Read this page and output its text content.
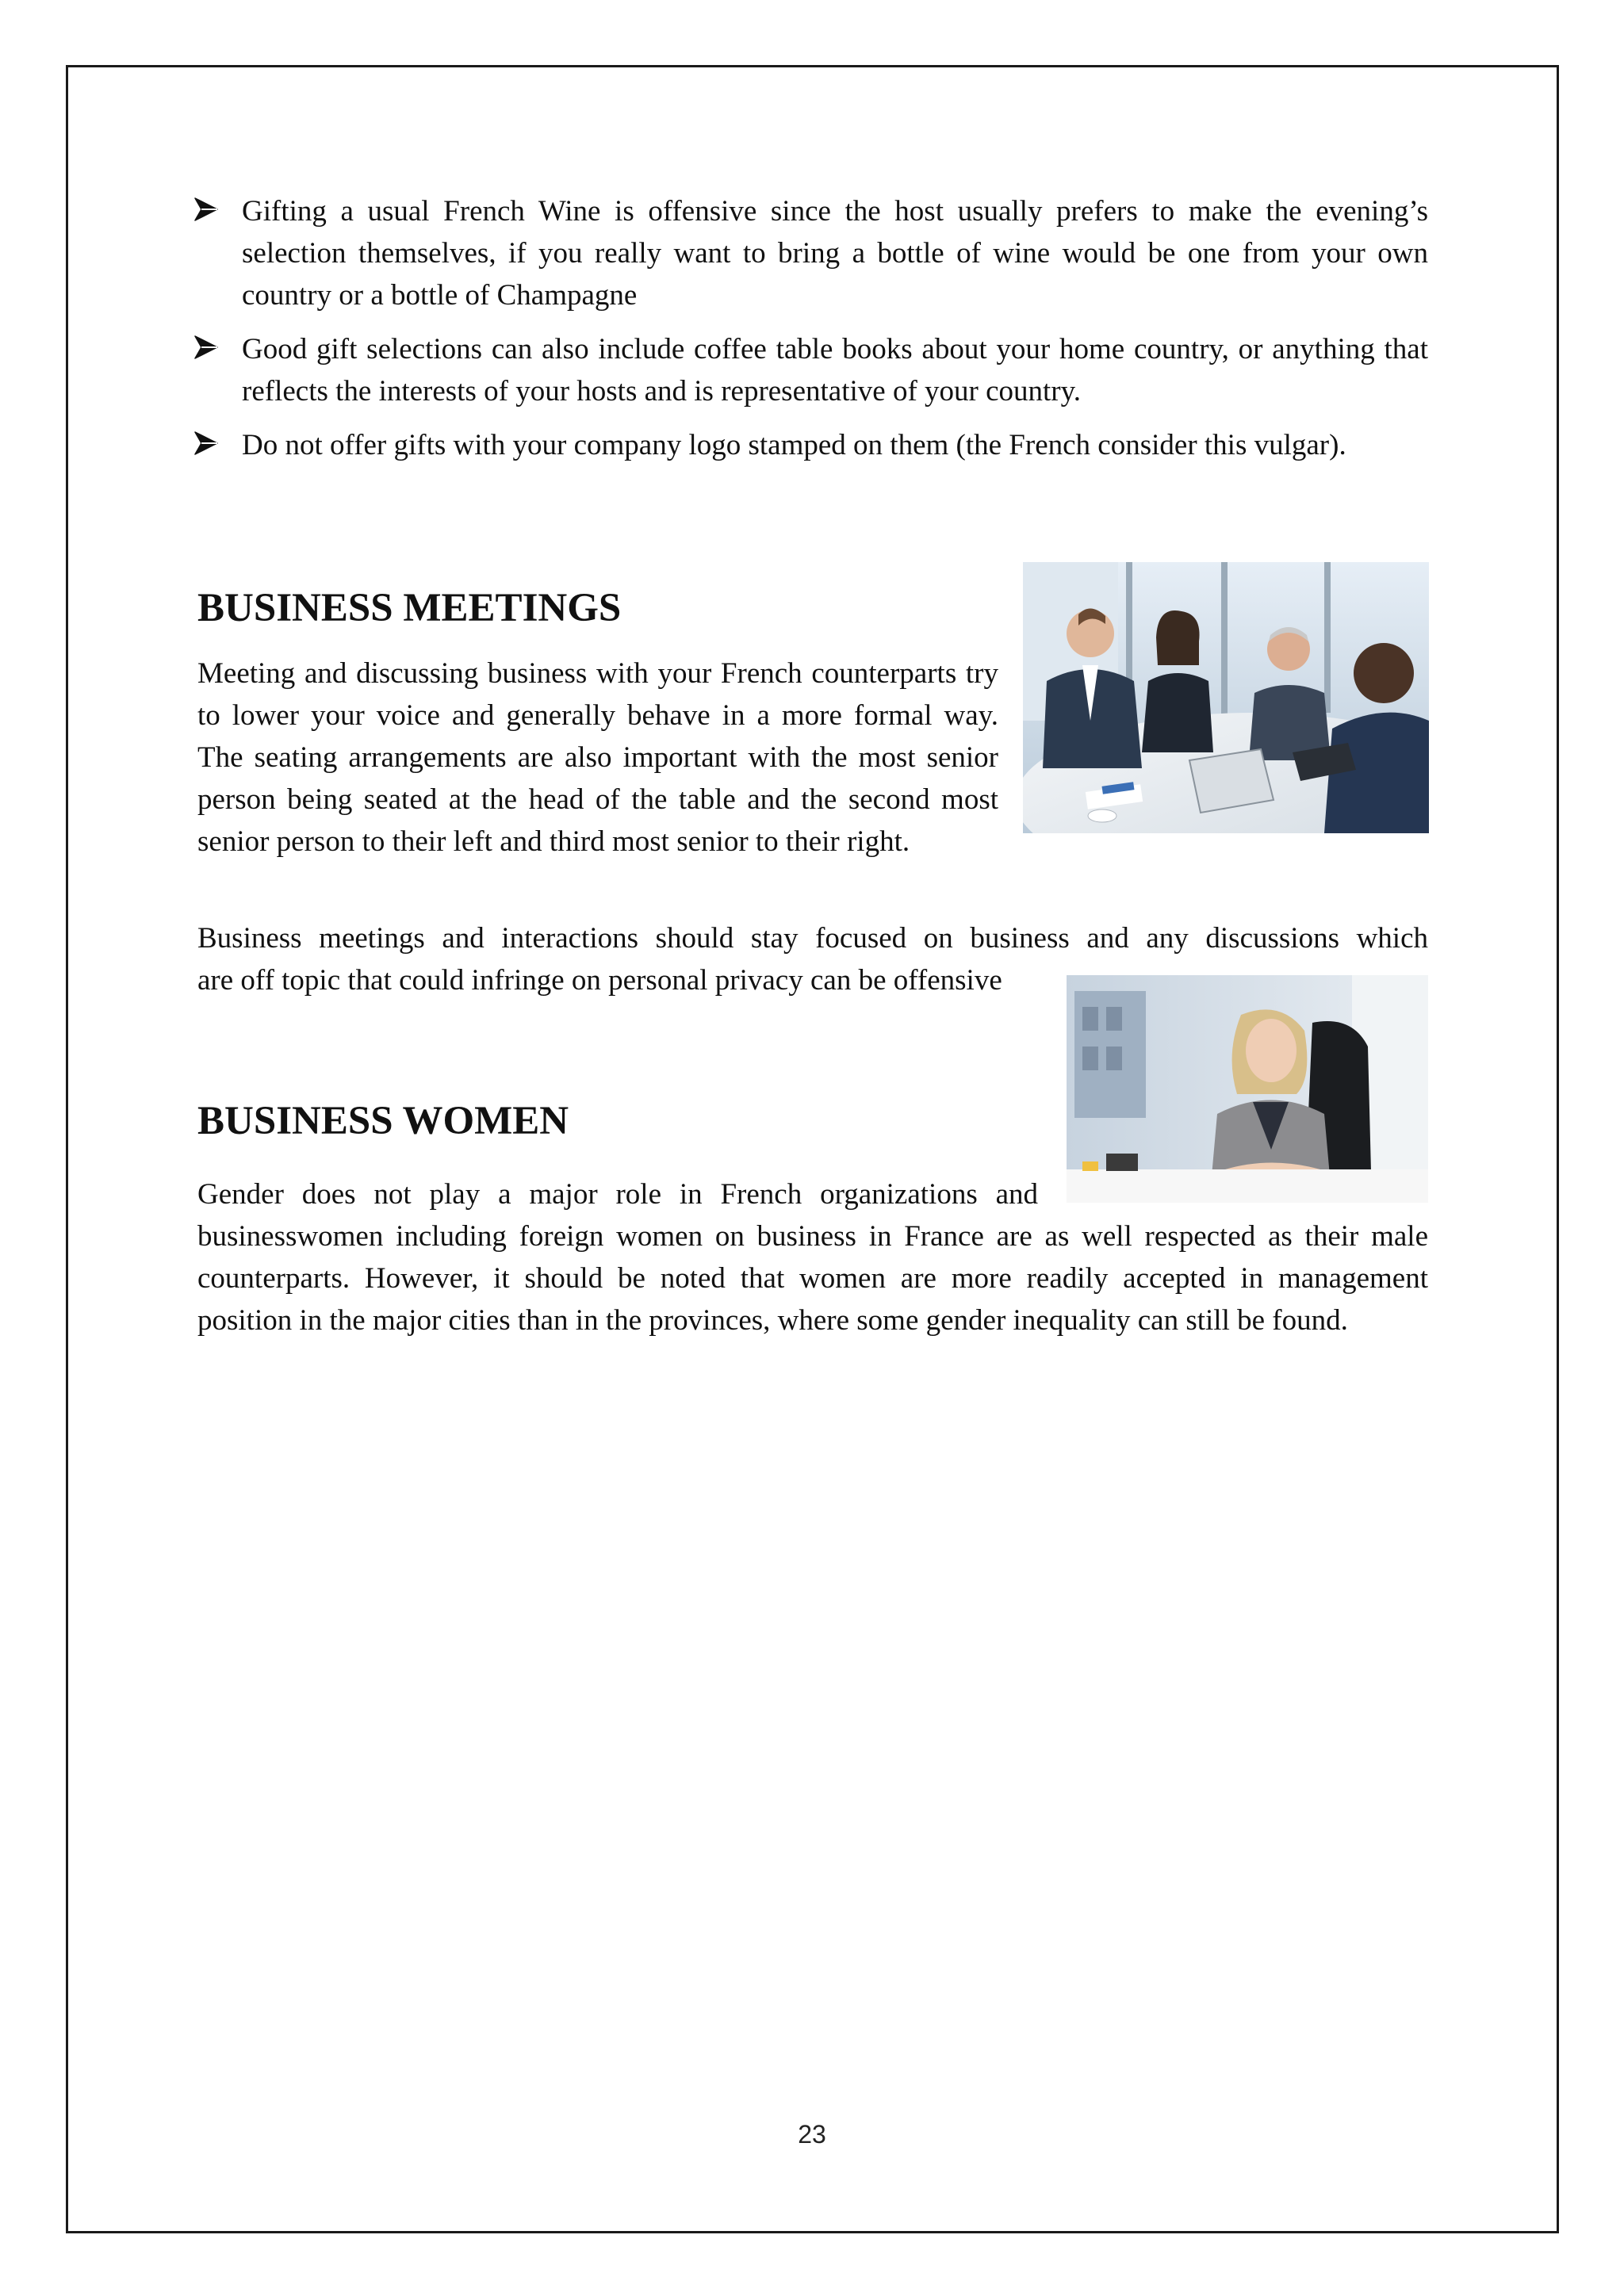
Gifting a usual French Wine is offensive since the host usually prefers to make the evening’s selection themselves, if you really want to bring a bottle of wine would be one from your own country or a bottle of Champagne
Good gift selections can also include coffee table books about your home country, or anything that reflects the interests of your hosts and is representative of your country.
Do not offer gifts with your company logo stamped on them (the French consider this vulgar).
BUSINESS MEETINGS

Meeting and discussing business with your French counterparts try to lower your voice and generally behave in a more formal way. The seating arrangements are also important with the most senior person being seated at the head of the table and the second most senior person to their left and third most senior to their right.

Business meetings and interactions should stay focused on business and any discussions which

are off topic that could infringe on personal privacy can be offensive

BUSINESS WOMEN

Gender does not play a major role in French organizations and

businesswomen including foreign women on business in France are as well respected as their male counterparts. However, it should be noted that women are more readily accepted in management position in the major cities than in the provinces, where some gender inequality can still be found.

23
